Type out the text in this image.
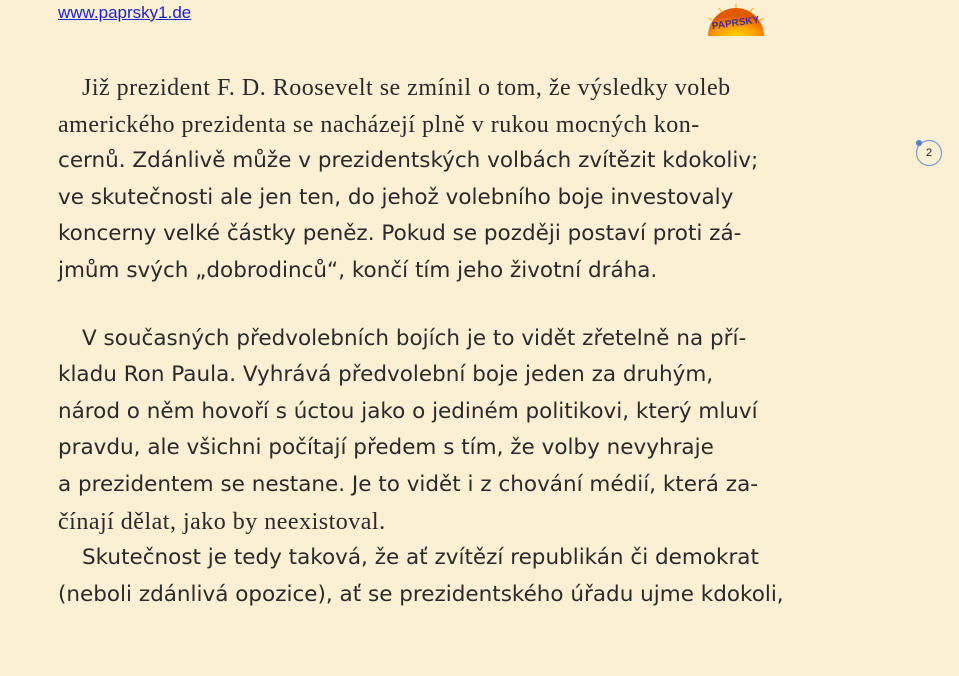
www.paprsky1.de
PAPRSKY
2

Již prezident F. D. Roosevelt se zmínil o tom, že výsledky voleb
amerického prezidenta se nacházejí plně v rukou mocných kon-
cernů. Zdánlivě může v prezidentských volbách zvítězit kdokoliv;
ve skutečnosti ale jen ten, do jehož volebního boje investovaly
koncerny velké částky peněz. Pokud se později postaví proti zá-
jmům svých „dobrodinců“, končí tím jeho životní dráha.

V současných předvolebních bojích je to vidět zřetelně na pří-
kladu Ron Paula. Vyhrává předvolební boje jeden za druhým,
národ o něm hovoří s úctou jako o jediném politikovi, který mluví
pravdu, ale všichni počítají předem s tím, že volby nevyhraje
a prezidentem se nestane. Je to vidět i z chování médií, která za-
čínají dělat, jako by neexistoval.

Skutečnost je tedy taková, že ať zvítězí republikán či demokrat
(neboli zdánlivá opozice), ať se prezidentského úřadu ujme kdokoli,
